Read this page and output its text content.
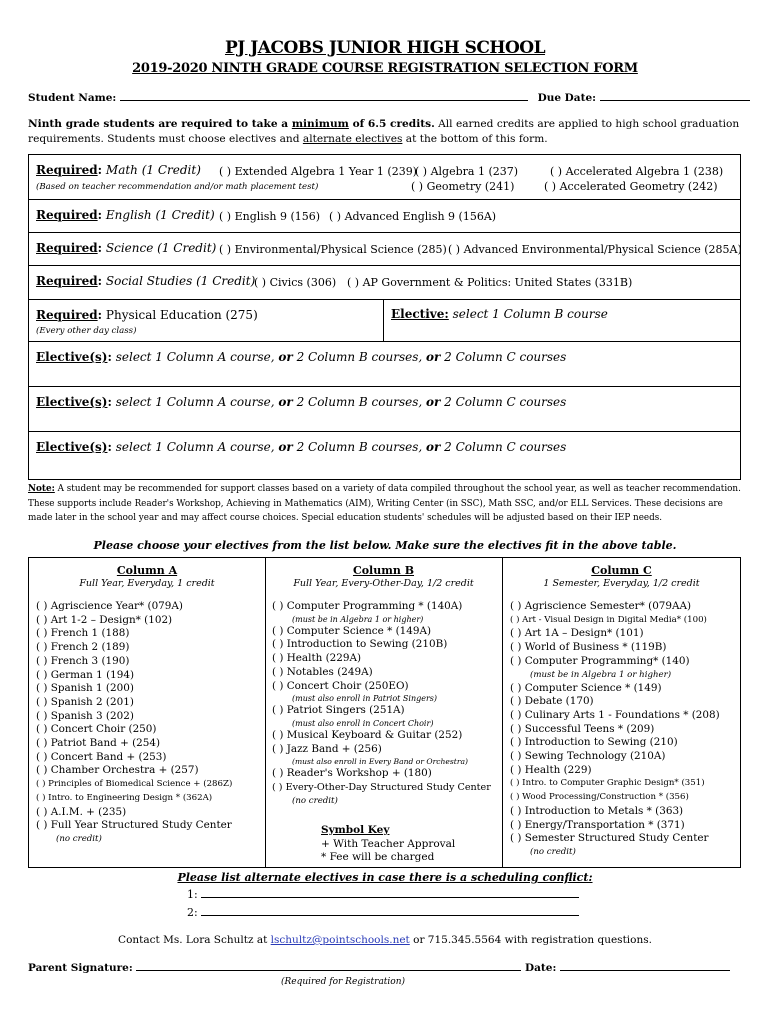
PJ JACOBS JUNIOR HIGH SCHOOL
2019-2020 NINTH GRADE COURSE REGISTRATION SELECTION FORM
Student Name:	Due Date:
Ninth grade students are required to take a minimum of 6.5 credits. All earned credits are applied to high school graduation requirements. Students must choose electives and alternate electives at the bottom of this form.
Required: Math (1 Credit)
(Based on teacher recommendation and/or math placement test)
( ) Extended Algebra 1 Year 1 (239)
( ) Algebra 1 (237)	( ) Accelerated Algebra 1 (238)
( ) Geometry (241)	( ) Accelerated Geometry (242)
Required: English (1 Credit) ( ) English 9 (156) ( ) Advanced English 9 (156A)
Required: Science (1 Credit) ( ) Environmental/Physical Science (285) ( ) Advanced Environmental/Physical Science (285A)
Required: Social Studies (1 Credit)
( ) Civics (306) ( ) AP Government & Politics: United States (331B)
Required: Physical Education (275)
(Every other day class)
Elective: select 1 Column B course
Elective(s): select 1 Column A course, or 2 Column B courses, or 2 Column C courses
Elective(s): select 1 Column A course, or 2 Column B courses, or 2 Column C courses
Elective(s): select 1 Column A course, or 2 Column B courses, or 2 Column C courses
Note: A student may be recommended for support classes based on a variety of data compiled throughout the school year, as well as teacher recommendation. These supports include Reader's Workshop, Achieving in Mathematics (AIM), Writing Center (in SSC), Math SSC, and/or ELL Services. These decisions are made later in the school year and may affect course choices. Special education students' schedules will be adjusted based on their IEP needs.
Please choose your electives from the list below. Make sure the electives fit in the above table.
Column A
Full Year, Everyday, 1 credit
( ) Agriscience Year* (079A)
( ) Art 1-2 – Design* (102)
( ) French 1 (188)
( ) French 2 (189)
( ) French 3 (190)
( ) German 1 (194)
( ) Spanish 1 (200)
( ) Spanish 2 (201)
( ) Spanish 3 (202)
( ) Concert Choir (250)
( ) Patriot Band + (254)
( ) Concert Band + (253)
( ) Chamber Orchestra + (257)
( ) Principles of Biomedical Science + (286Z)
( ) Intro. to Engineering Design * (362A)
( ) A.I.M. + (235)
( ) Full Year Structured Study Center
(no credit)
Column B
Full Year, Every-Other-Day, 1/2 credit
( ) Computer Programming * (140A)
(must be in Algebra 1 or higher)
( ) Computer Science * (149A)
( ) Introduction to Sewing (210B)
( ) Health (229A)
( ) Notables (249A)
( ) Concert Choir (250EO)
(must also enroll in Patriot Singers)
( ) Patriot Singers (251A)
(must also enroll in Concert Choir)
( ) Musical Keyboard & Guitar (252)
( ) Jazz Band + (256)
(must also enroll in Every Band or Orchestra)
( ) Reader's Workshop + (180)
( ) Every-Other-Day Structured Study Center
(no credit)
Symbol Key
+ With Teacher Approval
* Fee will be charged
Column C
1 Semester, Everyday, 1/2 credit
( ) Agriscience Semester* (079AA)
( ) Art - Visual Design in Digital Media* (100)
( ) Art 1A – Design* (101)
( ) World of Business * (119B)
( ) Computer Programming* (140)
(must be in Algebra 1 or higher)
( ) Computer Science * (149)
( ) Debate (170)
( ) Culinary Arts 1 - Foundations * (208)
( ) Successful Teens * (209)
( ) Introduction to Sewing (210)
( ) Sewing Technology (210A)
( ) Health (229)
( ) Intro. to Computer Graphic Design* (351)
( ) Wood Processing/Construction * (356)
( ) Introduction to Metals * (363)
( ) Energy/Transportation * (371)
( ) Semester Structured Study Center
(no credit)
Please list alternate electives in case there is a scheduling conflict:
1:
2:
Contact Ms. Lora Schultz at lschultz@pointschools.net or 715.345.5564 with registration questions.
Parent Signature:	Date:
(Required for Registration)
